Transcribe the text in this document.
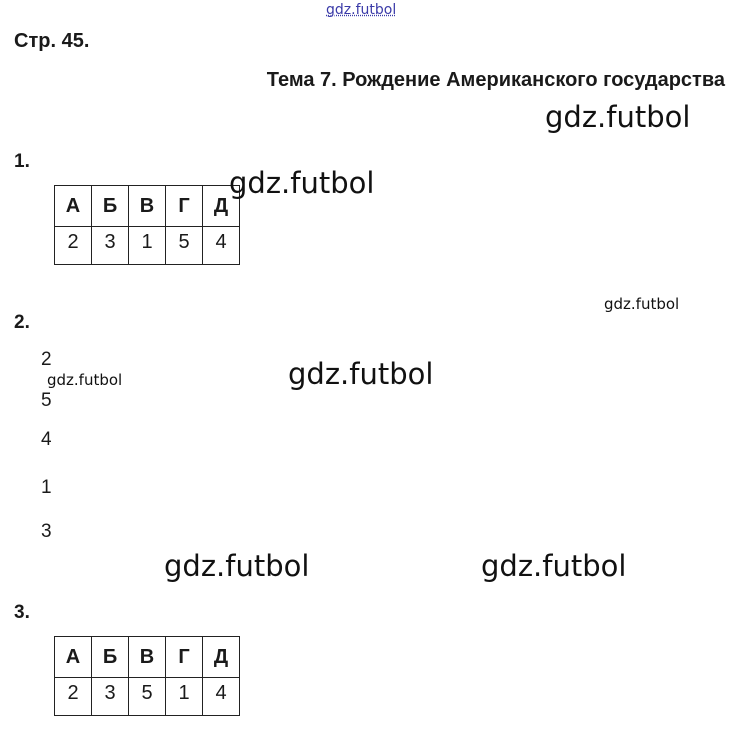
gdz.futbol
Стр. 45.
Тема 7. Рождение Американского государства
gdz.futbol
1.
А	Б	В	Г	Д
2	3	1	5	4
gdz.futbol
gdz.futbol
2.
2
5
4
1
3
gdz.futbol	gdz.futbol
gdz.futbol	gdz.futbol
3.
А	Б	В	Г	Д
2	3	5	1	4
